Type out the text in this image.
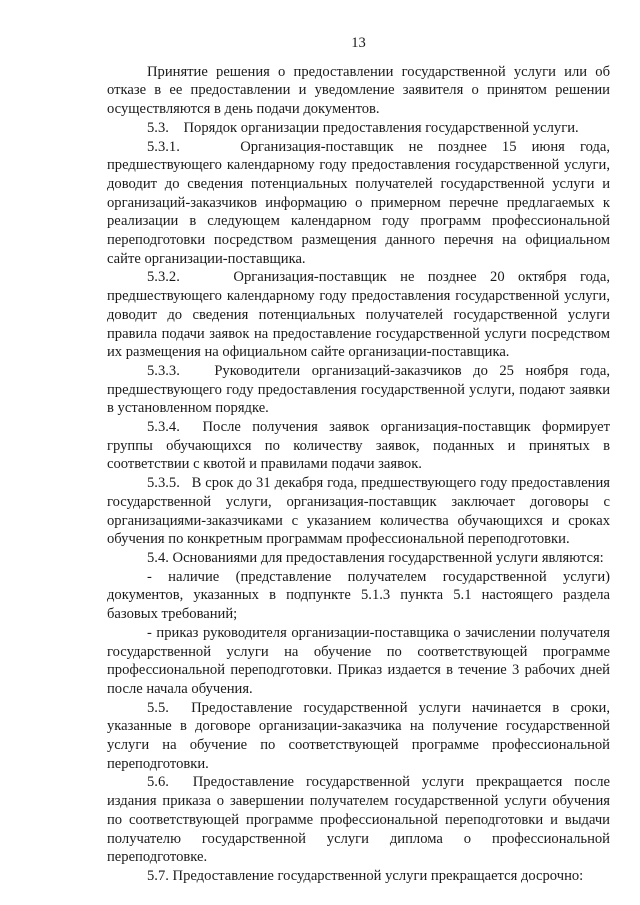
13

Принятие решения о предоставлении государственной услуги или об отказе в ее предоставлении и уведомление заявителя о принятом решении осуществляются в день подачи документов.

5.3.    Порядок организации предоставления государственной услуги.

5.3.1.    Организация-поставщик не позднее 15 июня года, предшествующего календарному году предоставления государственной услуги, доводит до сведения потенциальных получателей государственной услуги и организаций-заказчиков информацию о примерном перечне предлагаемых к реализации в следующем календарном году программ профессиональной переподготовки посредством размещения данного перечня на официальном сайте организации-поставщика.

5.3.2.    Организация-поставщик не позднее 20 октября года, предшествующего календарному году предоставления государственной услуги, доводит до сведения потенциальных получателей государственной услуги правила подачи заявок на предоставление государственной услуги посредством их размещения на официальном сайте организации-поставщика.

5.3.3.   Руководители организаций-заказчиков до 25 ноября года, предшествующего году предоставления государственной услуги, подают заявки в установленном порядке.

5.3.4.  После получения заявок организация-поставщик формирует группы обучающихся по количеству заявок, поданных и принятых в соответствии с квотой и правилами подачи заявок.

5.3.5.   В срок до 31 декабря года, предшествующего году предоставления государственной услуги, организация-поставщик заключает договоры с организациями-заказчиками с указанием количества обучающихся и сроках обучения по конкретным программам профессиональной переподготовки.

5.4. Основаниями для предоставления государственной услуги являются:

- наличие (представление получателем государственной услуги) документов, указанных в подпункте 5.1.3 пункта 5.1 настоящего раздела базовых требований;

- приказ руководителя организации-поставщика о зачислении получателя государственной услуги на обучение по соответствующей программе профессиональной переподготовки. Приказ издается в течение 3 рабочих дней после начала обучения.

5.5.  Предоставление государственной услуги начинается в сроки, указанные в договоре организации-заказчика на получение государственной услуги на обучение по соответствующей программе профессиональной переподготовки.

5.6.  Предоставление государственной услуги прекращается после издания приказа о завершении получателем государственной услуги обучения по соответствующей программе профессиональной переподготовки и выдачи получателю государственной услуги диплома о профессиональной переподготовке.

5.7. Предоставление государственной услуги прекращается досрочно:
